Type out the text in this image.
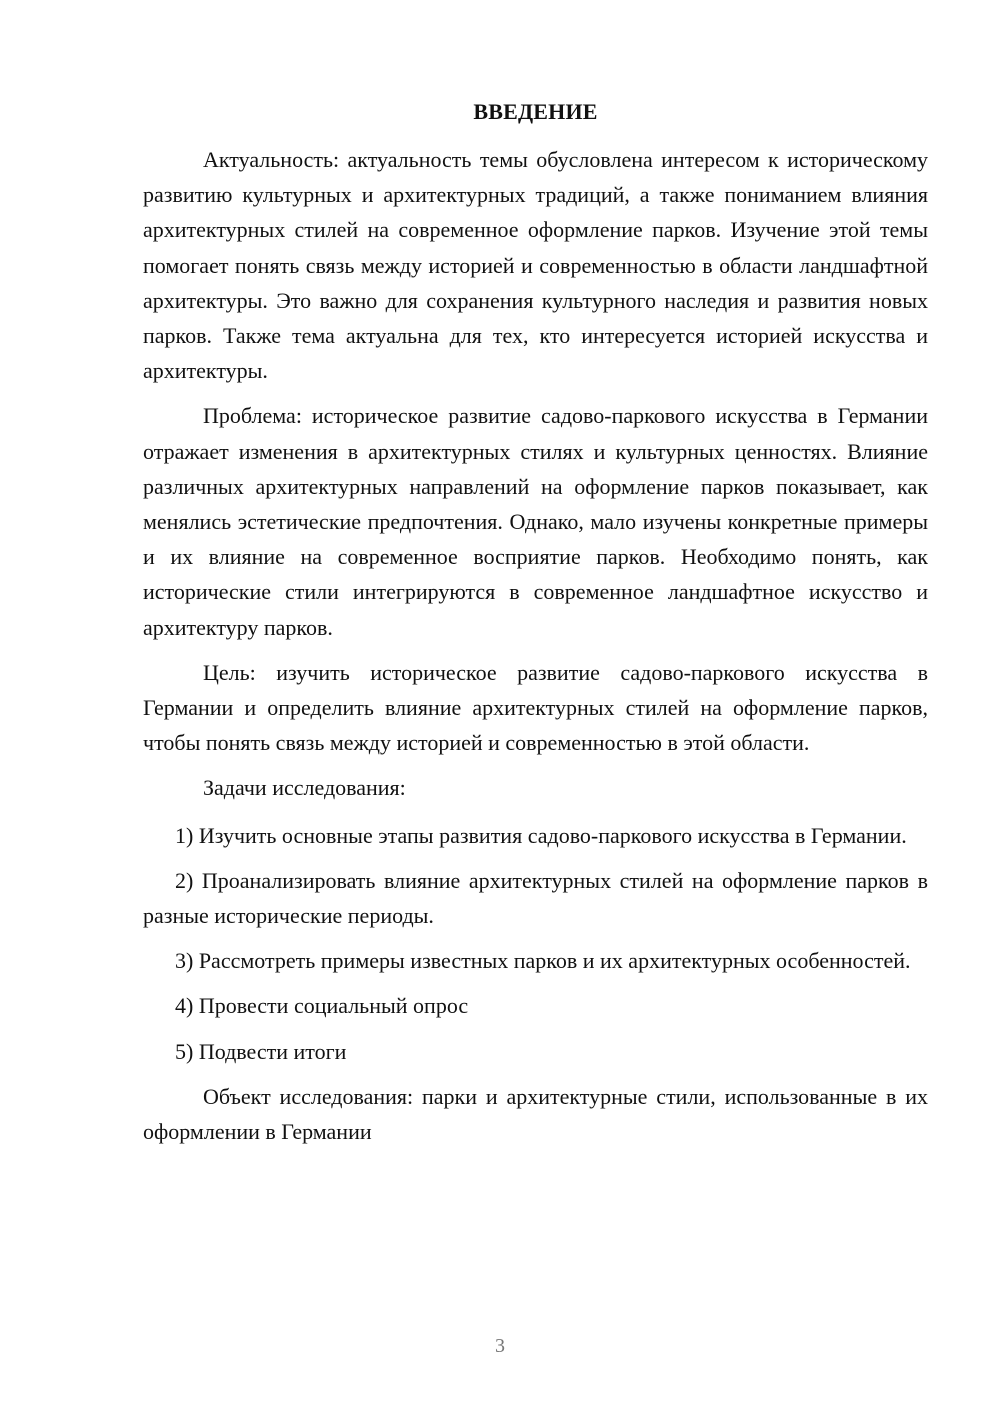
ВВЕДЕНИЕ

Актуальность: актуальность темы обусловлена интересом к историческому развитию культурных и архитектурных традиций, а также пониманием влияния архитектурных стилей на современное оформление парков. Изучение этой темы помогает понять связь между историей и современностью в области ландшафтной архитектуры. Это важно для сохранения культурного наследия и развития новых парков. Также тема актуальна для тех, кто интересуется историей искусства и архитектуры.

Проблема: историческое развитие садово-паркового искусства в Германии отражает изменения в архитектурных стилях и культурных ценностях. Влияние различных архитектурных направлений на оформление парков показывает, как менялись эстетические предпочтения. Однако, мало изучены конкретные примеры и их влияние на современное восприятие парков. Необходимо понять, как исторические стили интегрируются в современное ландшафтное искусство и архитектуру парков.

Цель: изучить историческое развитие садово-паркового искусства в Германии и определить влияние архитектурных стилей на оформление парков, чтобы понять связь между историей и современностью в этой области.

Задачи исследования:

1) Изучить основные этапы развития садово-паркового искусства в Германии.

2) Проанализировать влияние архитектурных стилей на оформление парков в разные исторические периоды.

3) Рассмотреть примеры известных парков и их архитектурных особенностей.

4) Провести социальный опрос

5) Подвести итоги

Объект исследования: парки и архитектурные стили, использованные в их оформлении в Германии

3
